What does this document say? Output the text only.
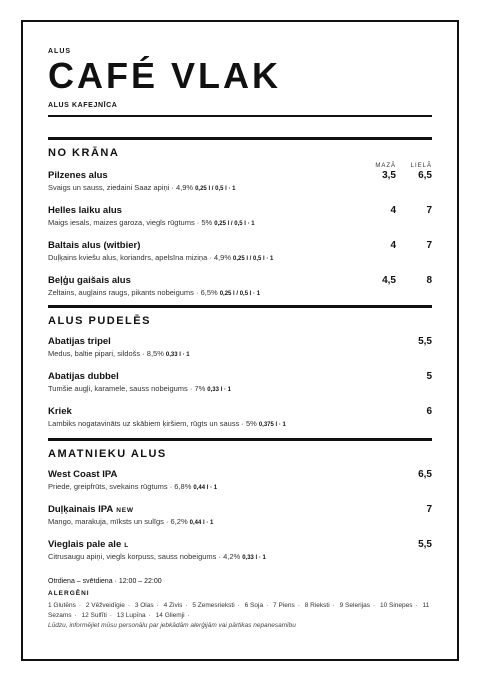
ALUS
CAFÉ VLAK
ALUS KAFEJNĪCA
NO KRĀNA
MAZĀ	LIELĀ
Pilzenes alus
Svaigs un sauss, ziedaini Saaz apiņi · 4,9% 0,25 l / 0,5 l · 1
3,5	6,5
Helles laiku alus
Maigs iesals, maizes garoza, viegls rūgtums · 5% 0,25 l / 0,5 l · 1
4	7
Baltais alus (witbier)
Duļķains kviešu alus, koriandrs, apelsīna miziņa · 4,9% 0,25 l / 0,5 l · 1
4	7
Beļģu gaišais alus
Zeltains, augļains raugs, pikants nobeigums · 6,5% 0,25 l / 0,5 l · 1
4,5	8
ALUS PUDELĒS
Abatijas tripel
Medus, baltie pipari, sildošs · 8,5% 0,33 l · 1
5,5
Abatijas dubbel
Tumšie augļi, karamele, sauss nobeigums · 7% 0,33 l · 1
5
Kriek
Lambiks nogatavināts uz skābiem ķiršiem, rūgts un sauss · 5% 0,375 l · 1
6
AMATNIEKU ALUS
West Coast IPA
Priede, greipfrūts, svekains rūgtums · 6,8% 0,44 l · 1
6,5
Duļķainais IPA NEW
Mango, marakuja, mīksts un sulīgs · 6,2% 0,44 l · 1
7
Vieglais pale ale L
Citrusaugu apiņi, viegls korpuss, sauss nobeigums · 4,2% 0,33 l · 1
5,5
Otrdiena – svētdiena · 12:00 – 22:00
ALERGĒNI
1 Glutēns · 2 Vēžveidīgie · 3 Olas · 4 Zivis · 5 Zemesrieksti · 6 Soja · 7 Piens · 8 Rieksti · 9 Selerijas · 10 Sinepes · 11 Sezams · 12 Sulfīti · 13 Lupīna · 14 Gliemji ·
Lūdzu, informējiet mūsu personālu par jebkādām alerģijām vai pārtikas nepanesamību
